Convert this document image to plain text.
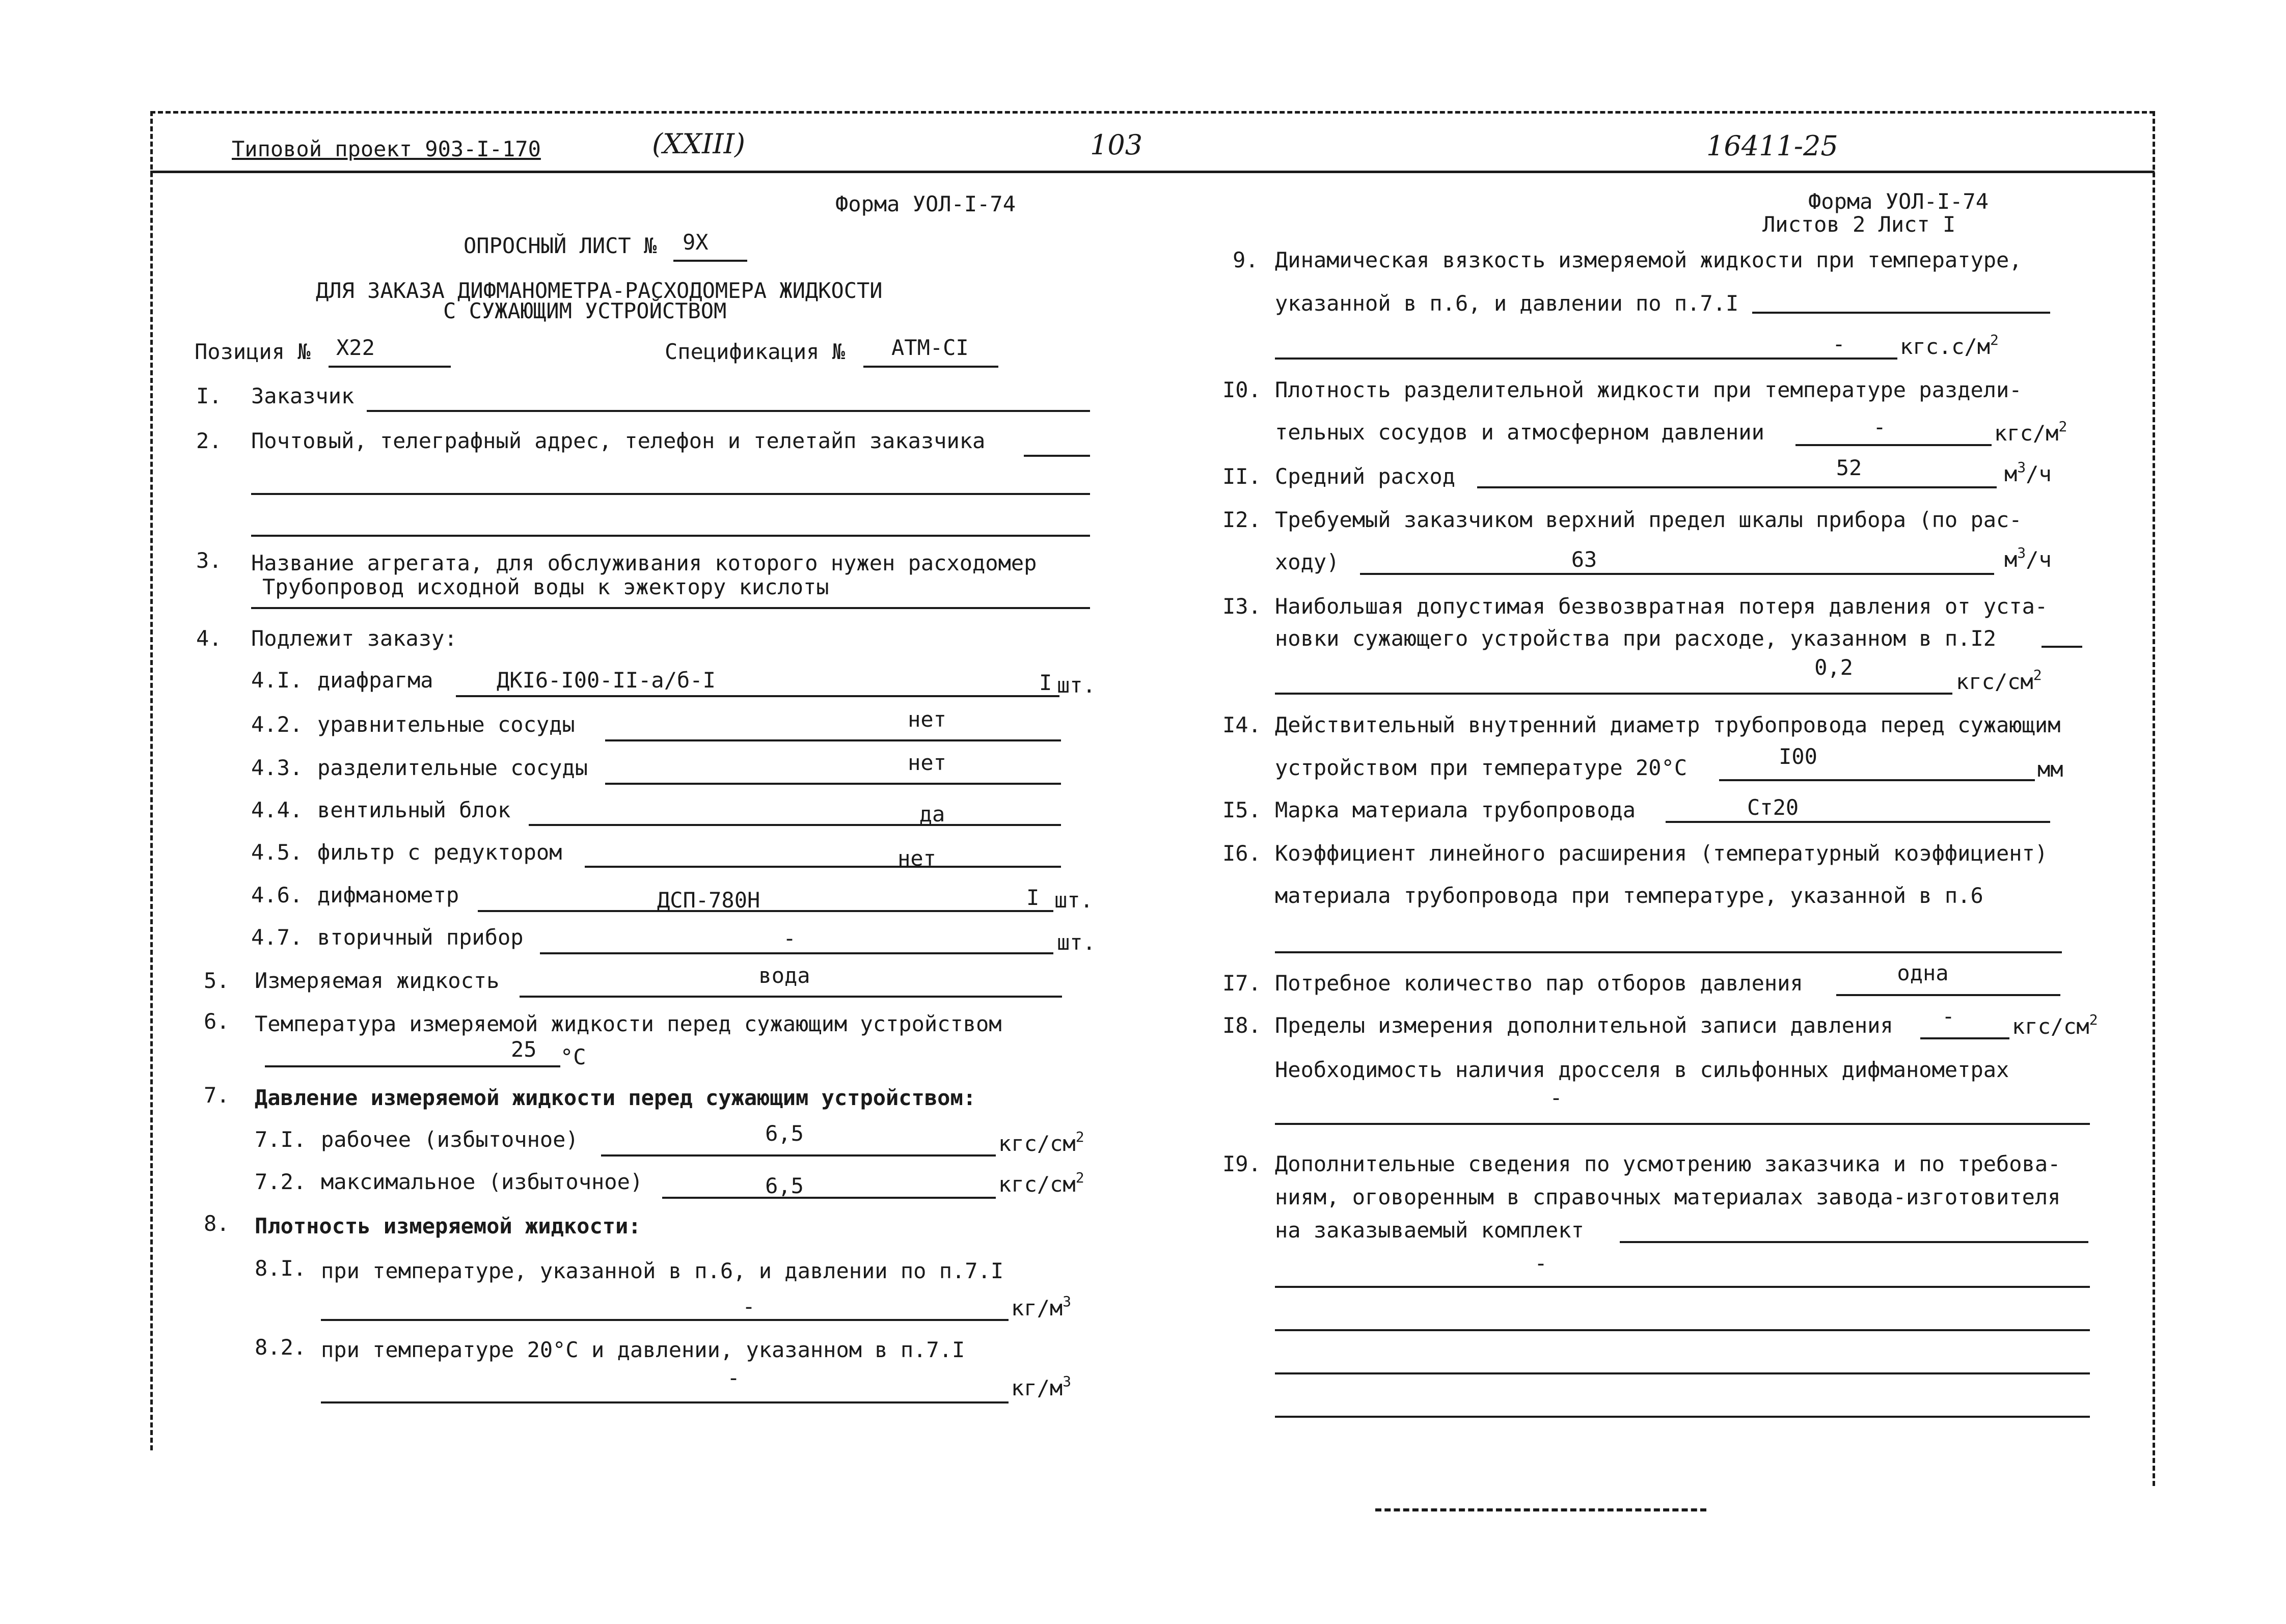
Типовой проект 903-I-170	(XXIII)	103	16411-25
Форма УОЛ-I-74
ОПРОСНЫЙ ЛИСТ № 9Х
ДЛЯ ЗАКАЗА ДИФМАНОМЕТРА-РАСХОДОМЕРА ЖИДКОСТИ
С СУЖАЮЩИМ УСТРОЙСТВОМ
Позиция № Х22	Спецификация № АТМ-СI
I. Заказчик
2. Почтовый, телеграфный адрес, телефон и телетайп заказчика
3. Название агрегата, для обслуживания которого нужен расходомер
Трубопровод исходной воды к эжектору кислоты
4. Подлежит заказу:
4.I. диафрагма	ДКI6-I00-II-а/б-I	I шт.
4.2. уравнительные сосуды	нет
4.3. разделительные сосуды	нет
4.4. вентильный блок	да
4.5. фильтр с редуктором	нет
4.6. дифманометр	ДСП-780Н	I шт.
4.7. вторичный прибор	-	шт.
5. Измеряемая жидкость	вода
6. Температура измеряемой жидкости перед сужающим устройством
25 °С
7. Давление измеряемой жидкости перед сужающим устройством:
7.I. рабочее (избыточное)	6,5	кгс/$см^2$
7.2. максимальное (избыточное)	6,5	кгс/$см^2$
8. Плотность измеряемой жидкости:
8.I. при температуре, указанной в п.6, и давлении по п.7.I
-	$кг/м^3$
8.2. при температуре 20°С и давлении, указанном в п.7.I
-	$кг/м^3$
Форма УОЛ-I-74
Листов 2 Лист I
9. Динамическая вязкость измеряемой жидкости при температуре,
указанной в п.6, и давлении по п.7.I
-	$кгс.с/м^2$
I0. Плотность разделительной жидкости при температуре раздели-
тельных сосудов и атмосферном давлении	-	кгс/$м^2$
II. Средний расход	52	$м^3/ч$
I2. Требуемый заказчиком верхний предел шкалы прибора (по рас-
ходу)	63	$м^3/ч$
I3. Наибольшая допустимая безвозвратная потеря давления от уста-
новки сужающего устройства при расходе, указанном в п.I2
0,2
кгс/$см^2$
I4. Действительный внутренний диаметр трубопровода перед сужающим
устройством при температуре 20°С	I00
мм
I5. Марка материала трубопровода	Ст20
I6. Коэффициент линейного расширения (температурный коэффициент)
материала трубопровода при температуре, указанной в п.6
I7. Потребное количество пар отборов давления	одна
I8. Пределы измерения дополнительной записи давления -	кгс/$см^2$
Необходимость наличия дросселя в сильфонных дифманометрах
-
I9. Дополнительные сведения по усмотрению заказчика и по требова-
ниям, оговоренным в справочных материалах завода-изготовителя
на заказываемый комплект
-
